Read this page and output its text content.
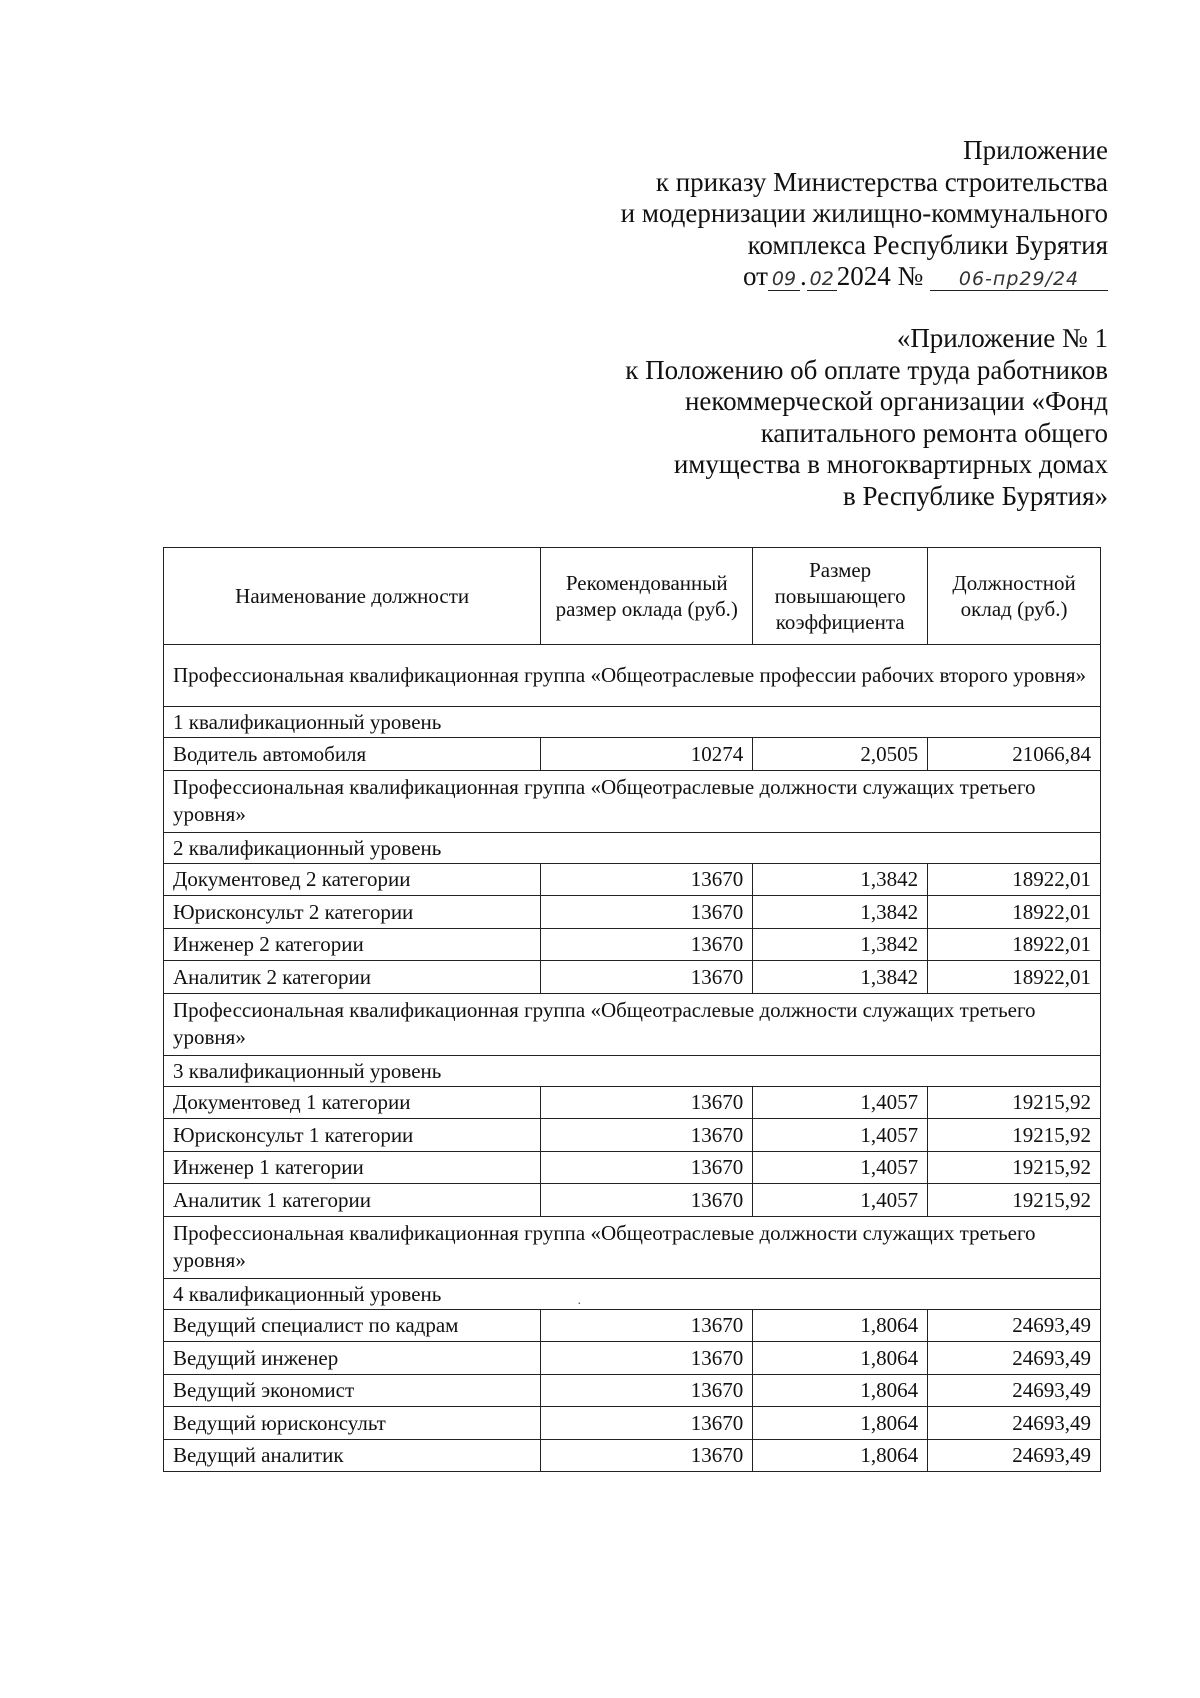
Приложение

к приказу Министерства строительства

и модернизации жилищно-коммунального

комплекса Республики Бурятия

от 09 . 02 2024 № 06-пр29/24

«Приложение № 1

к Положению об оплате труда работников

некоммерческой организации «Фонд

капитального ремонта общего

имущества в многоквартирных домах

в Республике Бурятия»

Наименование должности	Рекомендованный размер оклада (руб.)	Размер повышающего коэффициента	Должностной оклад (руб.)
Профессиональная квалификационная группа «Общеотраслевые профессии рабочих второго уровня»			
1 квалификационный уровень			
Водитель автомобиля	10274	2,0505	21066,84
Профессиональная квалификационная группа «Общеотраслевые должности служащих третьего уровня»			
2 квалификационный уровень			
Документовед 2 категории	13670	1,3842	18922,01
Юрисконсульт 2 категории	13670	1,3842	18922,01
Инженер 2 категории	13670	1,3842	18922,01
Аналитик 2 категории	13670	1,3842	18922,01
Профессиональная квалификационная группа «Общеотраслевые должности служащих третьего уровня»			
3 квалификационный уровень			
Документовед 1 категории	13670	1,4057	19215,92
Юрисконсульт 1 категории	13670	1,4057	19215,92
Инженер 1 категории	13670	1,4057	19215,92
Аналитик 1 категории	13670	1,4057	19215,92
Профессиональная квалификационная группа «Общеотраслевые должности служащих третьего уровня»			
4 квалификационный уровень			
Ведущий специалист по кадрам	13670	1,8064	24693,49
Ведущий инженер	13670	1,8064	24693,49
Ведущий экономист	13670	1,8064	24693,49
Ведущий юрисконсульт	13670	1,8064	24693,49
Ведущий аналитик	13670	1,8064	24693,49
·
